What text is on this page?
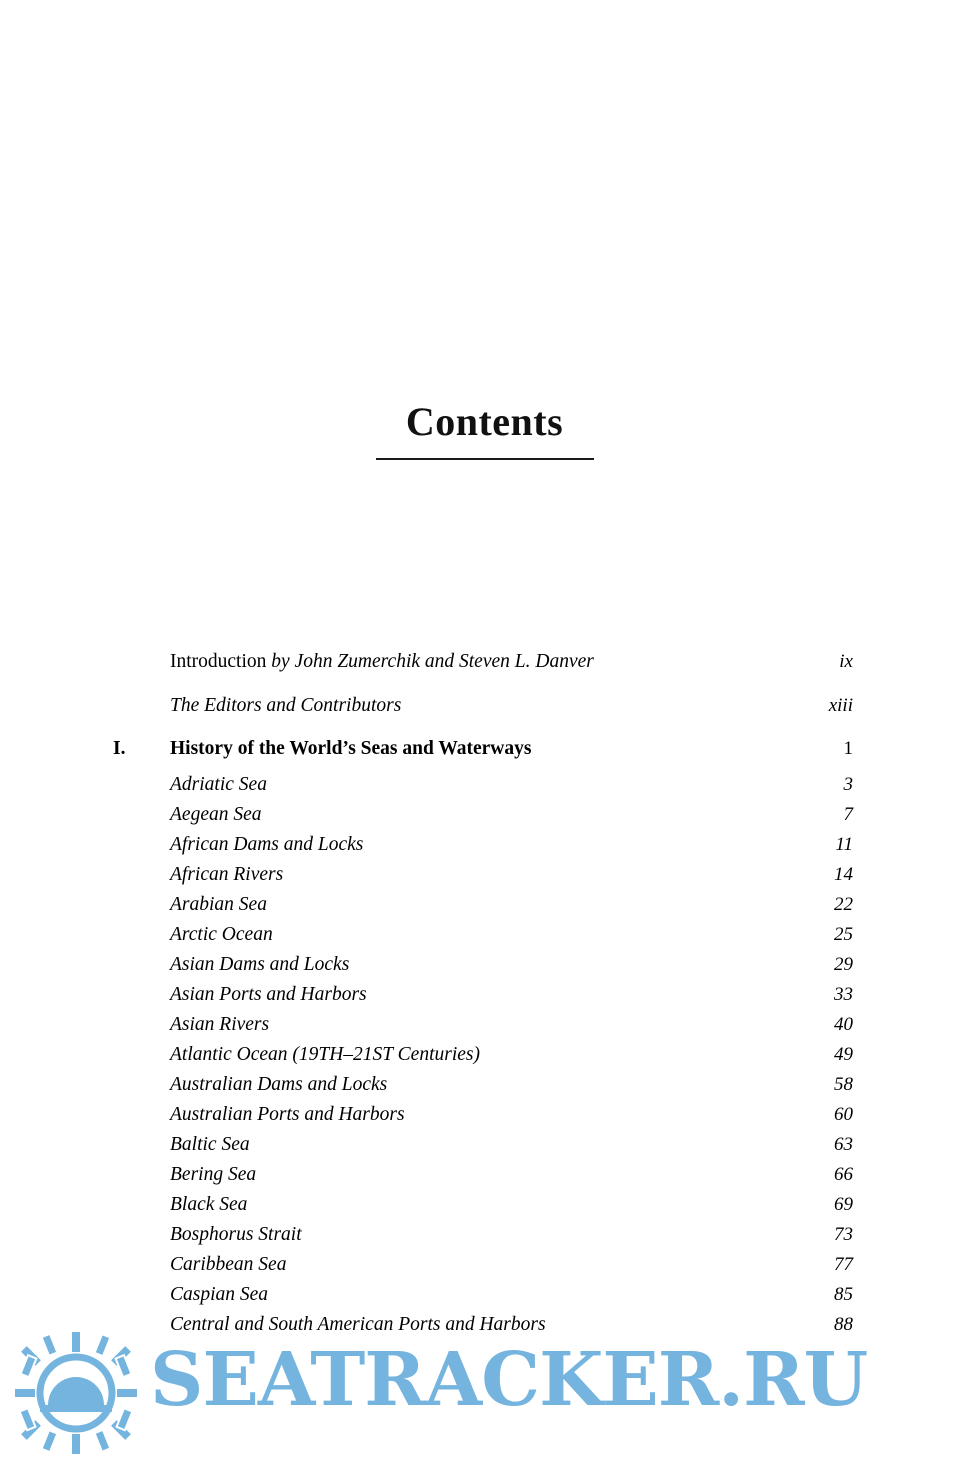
Contents
Introduction by John Zumerchik and Steven L. Danver	ix
The Editors and Contributors	xiii
I.	History of the World’s Seas and Waterways	1
Adriatic Sea	3
Aegean Sea	7
African Dams and Locks	11
African Rivers	14
Arabian Sea	22
Arctic Ocean	25
Asian Dams and Locks	29
Asian Ports and Harbors	33
Asian Rivers	40
Atlantic Ocean (19TH–21ST Centuries)	49
Australian Dams and Locks	58
Australian Ports and Harbors	60
Baltic Sea	63
Bering Sea	66
Black Sea	69
Bosphorus Strait	73
Caribbean Sea	77
Caspian Sea	85
Central and South American Ports and Harbors	88
SEATRACKER.RU
